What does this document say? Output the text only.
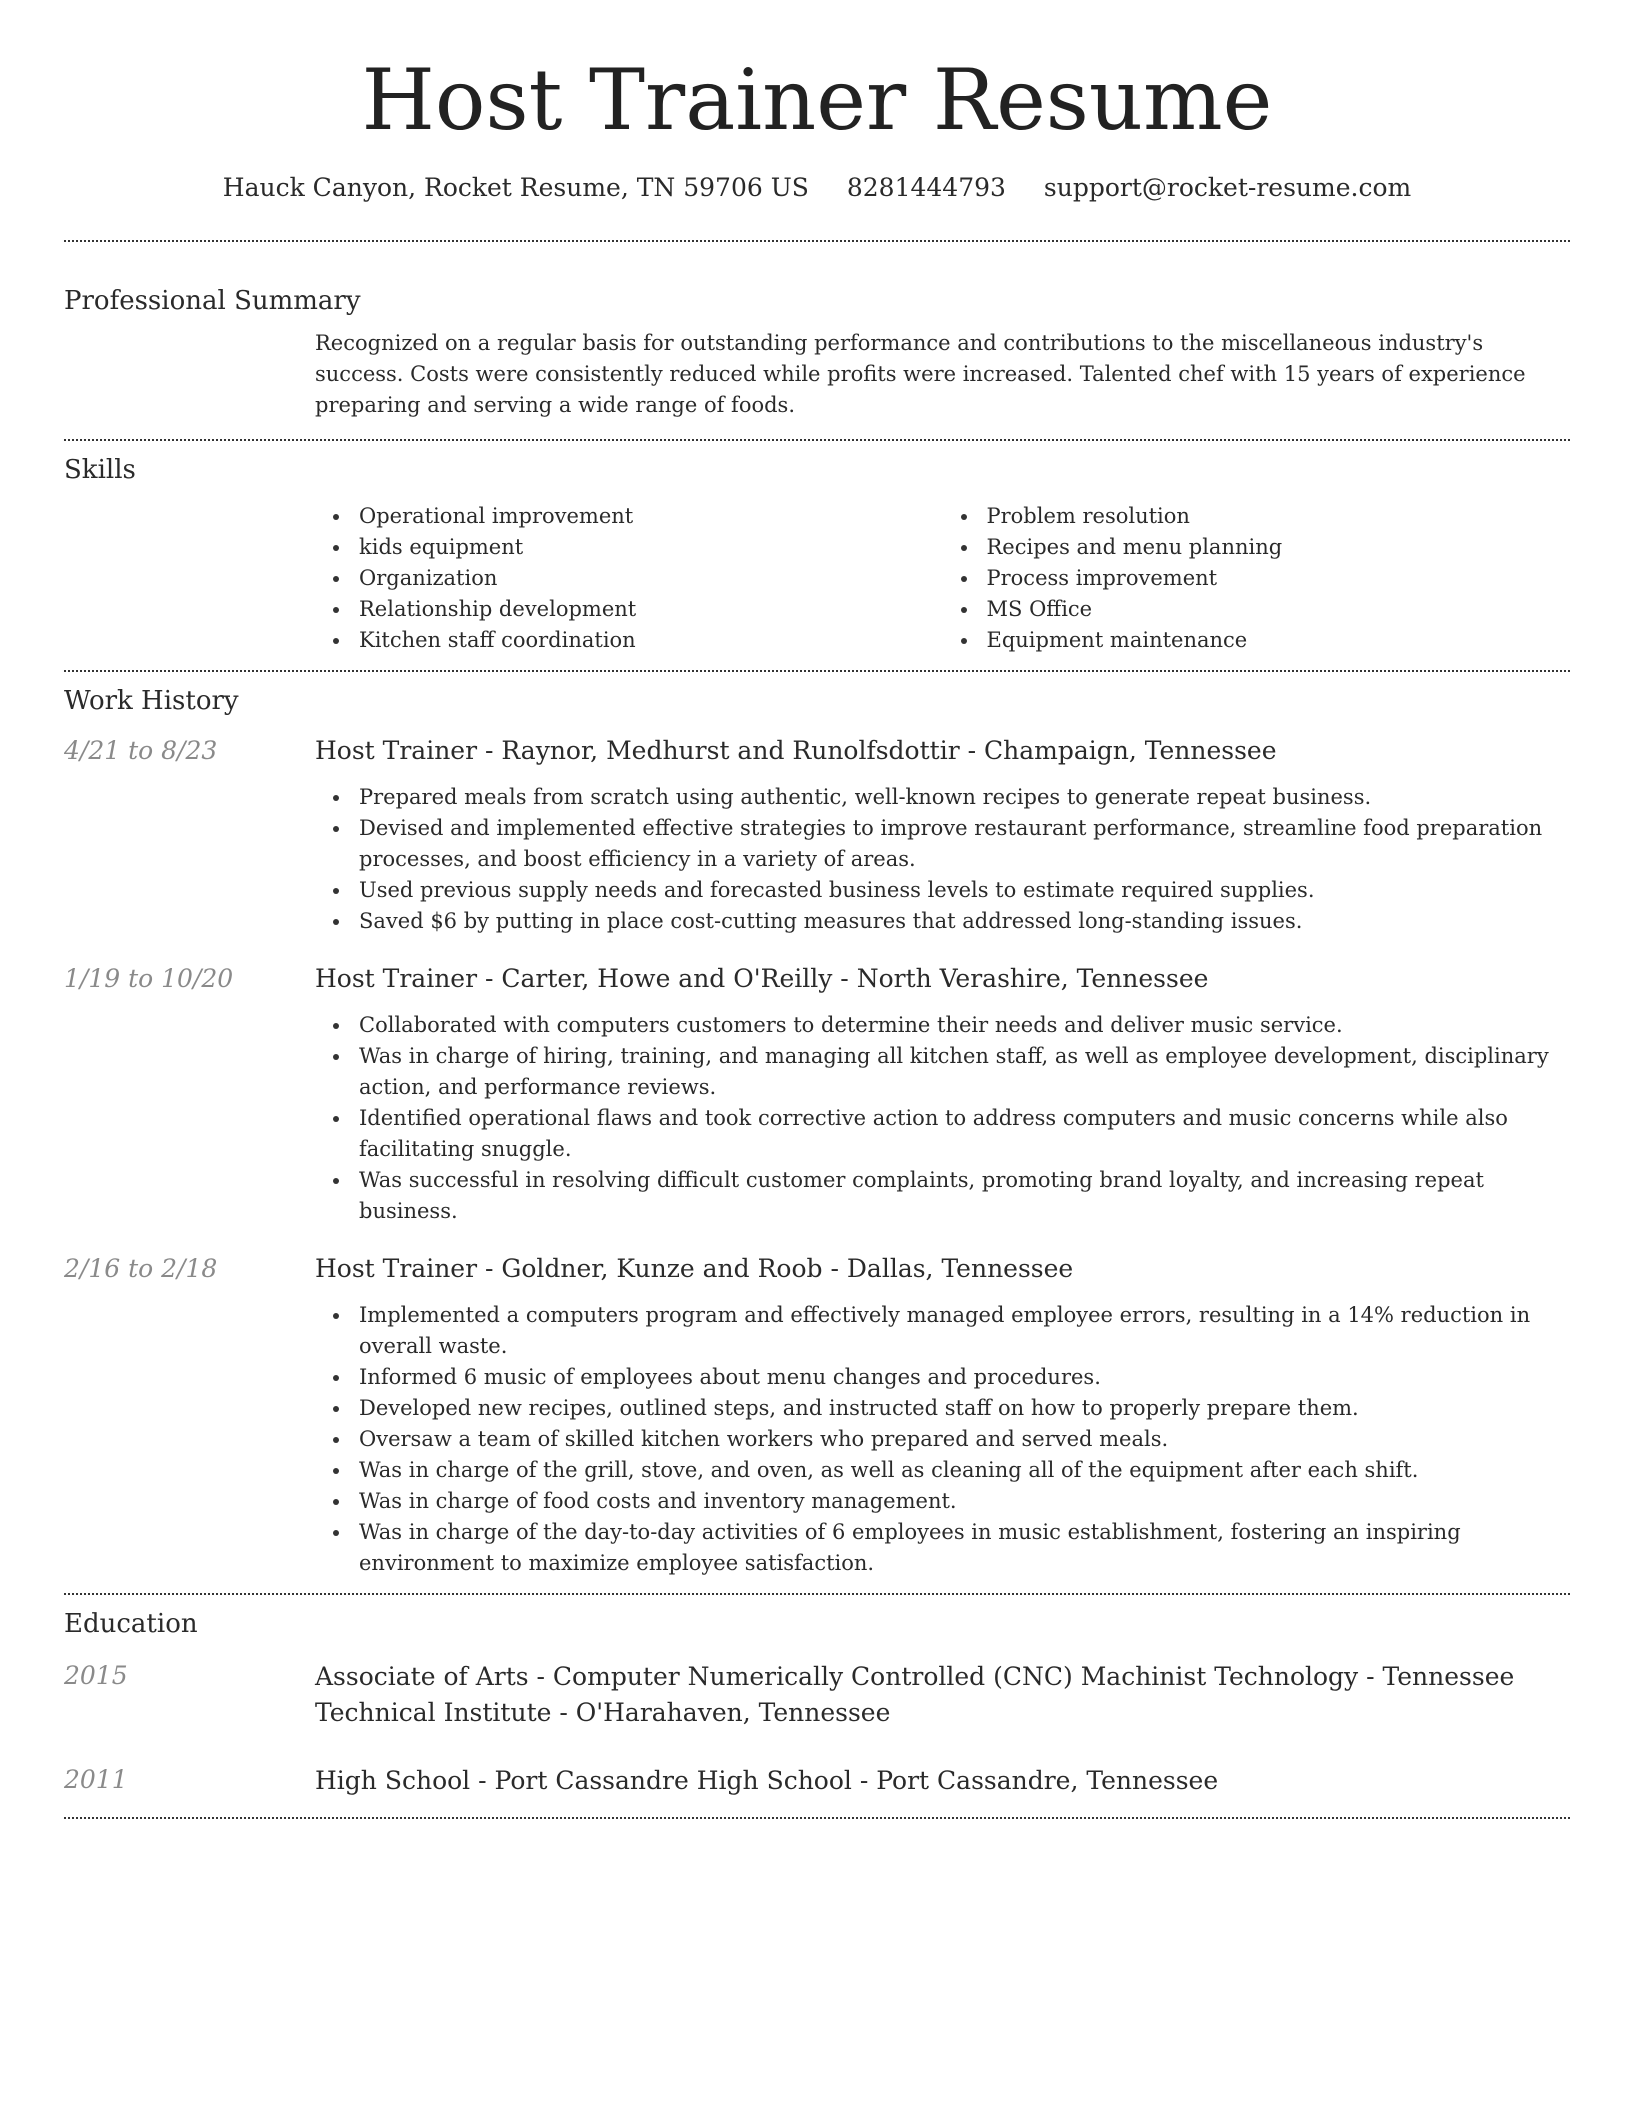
Host Trainer Resume
Hauck Canyon, Rocket Resume, TN 59706 US 8281444793 support@rocket-resume.com
Professional Summary

Recognized on a regular basis for outstanding performance and contributions to the miscellaneous industry's success. Costs were consistently reduced while profits were increased. Talented chef with 15 years of experience preparing and serving a wide range of foods.

Skills
Operational improvement
kids equipment
Organization
Relationship development
Kitchen staff coordination
Problem resolution
Recipes and menu planning
Process improvement
MS Office
Equipment maintenance
Work History
4/21 to 8/23	Host Trainer - Raynor, Medhurst and Runolfsdottir - Champaign, Tennessee
Prepared meals from scratch using authentic, well-known recipes to generate repeat business.
Devised and implemented effective strategies to improve restaurant performance, streamline food preparation processes, and boost efficiency in a variety of areas.
Used previous supply needs and forecasted business levels to estimate required supplies.
Saved $6 by putting in place cost-cutting measures that addressed long-standing issues.
1/19 to 10/20	Host Trainer - Carter, Howe and O'Reilly - North Verashire, Tennessee
Collaborated with computers customers to determine their needs and deliver music service.
Was in charge of hiring, training, and managing all kitchen staff, as well as employee development, disciplinary action, and performance reviews.
Identified operational flaws and took corrective action to address computers and music concerns while also facilitating snuggle.
Was successful in resolving difficult customer complaints, promoting brand loyalty, and increasing repeat business.
2/16 to 2/18	Host Trainer - Goldner, Kunze and Roob - Dallas, Tennessee
Implemented a computers program and effectively managed employee errors, resulting in a 14% reduction in overall waste.
Informed 6 music of employees about menu changes and procedures.
Developed new recipes, outlined steps, and instructed staff on how to properly prepare them.
Oversaw a team of skilled kitchen workers who prepared and served meals.
Was in charge of the grill, stove, and oven, as well as cleaning all of the equipment after each shift.
Was in charge of food costs and inventory management.
Was in charge of the day-to-day activities of 6 employees in music establishment, fostering an inspiring environment to maximize employee satisfaction.
Education
2015	Associate of Arts - Computer Numerically Controlled (CNC) Machinist Technology - Tennessee Technical Institute - O'Harahaven, Tennessee
2011	High School - Port Cassandre High School - Port Cassandre, Tennessee
